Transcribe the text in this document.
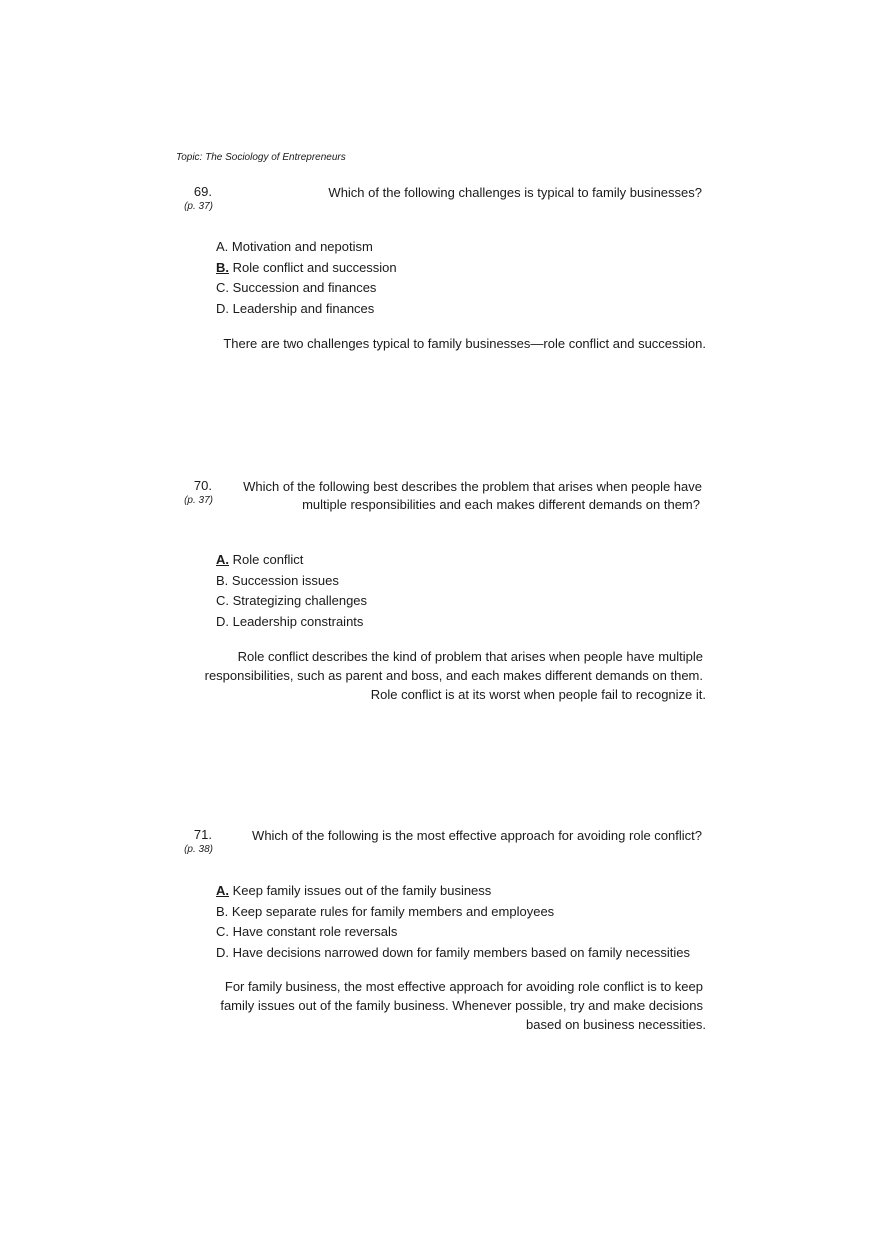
Topic: The Sociology of Entrepreneurs
69.
(p. 37)
Which of the following challenges is typical to family businesses?
A. Motivation and nepotism
B. Role conflict and succession
C. Succession and finances
D. Leadership and finances
There are two challenges typical to family businesses—role conflict and succession.
70.
(p. 37)
Which of the following best describes the problem that arises when people have
multiple responsibilities and each makes different demands on them?
A. Role conflict
B. Succession issues
C. Strategizing challenges
D. Leadership constraints
Role conflict describes the kind of problem that arises when people have multiple
responsibilities, such as parent and boss, and each makes different demands on them.
Role conflict is at its worst when people fail to recognize it.
71.
(p. 38)
Which of the following is the most effective approach for avoiding role conflict?
A. Keep family issues out of the family business
B. Keep separate rules for family members and employees
C. Have constant role reversals
D. Have decisions narrowed down for family members based on family necessities
For family business, the most effective approach for avoiding role conflict is to keep
family issues out of the family business. Whenever possible, try and make decisions
based on business necessities.
